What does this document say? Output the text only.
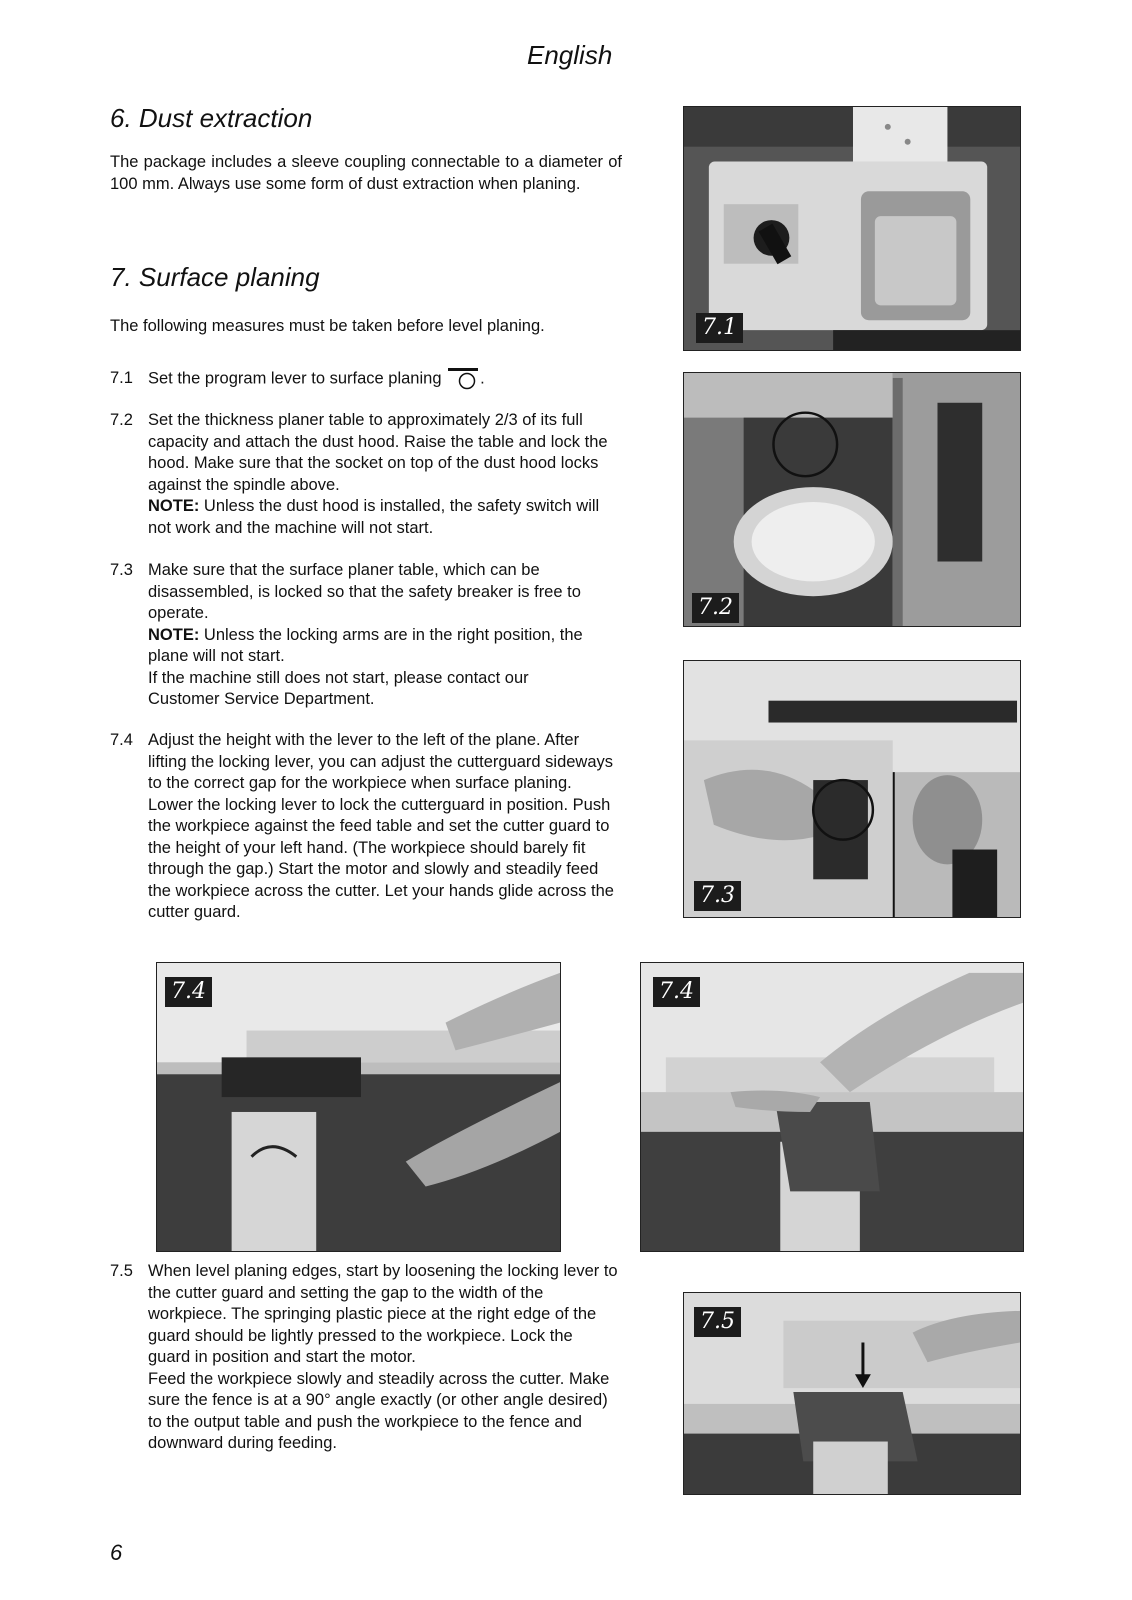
English
6. Dust extraction

The package includes a sleeve coupling connectable to a diameter of 100 mm. Always use some form of dust extraction when planing.

7. Surface planing

The following measures must be taken before level planing.

7.1 Set the program lever to surface planing .
7.2 Set the thickness planer table to approximately 2/3 of its full capacity and attach the dust hood. Raise the table and lock the hood. Make sure that the socket on top of the dust hood locks against the spindle above.
NOTE: Unless the dust hood is installed, the safety switch will not work and the machine will not start.
7.3 Make sure that the surface planer table, which can be disassembled, is locked so that the safety breaker is free to operate.
NOTE: Unless the locking arms are in the right position, the plane will not start.
If the machine still does not start, please contact our Customer Service Department.
7.4 Adjust the height with the lever to the left of the plane. After lifting the locking lever, you can adjust the cutterguard sideways to the correct gap for the workpiece when surface planing. Lower the locking lever to lock the cutterguard in position. Push the workpiece against the feed table and set the cutter guard to the height of your left hand. (The workpiece should barely fit through the gap.) Start the motor and slowly and steadily feed the workpiece across the cutter. Let your hands glide across the cutter guard.
7.5 When level planing edges, start by loosening the locking lever to the cutter guard and setting the gap to the width of the workpiece. The springing plastic piece at the right edge of the guard should be lightly pressed to the workpiece. Lock the guard in position and start the motor.
Feed the workpiece slowly and steadily across the cutter. Make sure the fence is at a 90° angle exactly (or other angle desired) to the output table and push the workpiece to the fence and downward during feeding.
7.1
7.2
7.3
7.4	7.4
7.5
6
